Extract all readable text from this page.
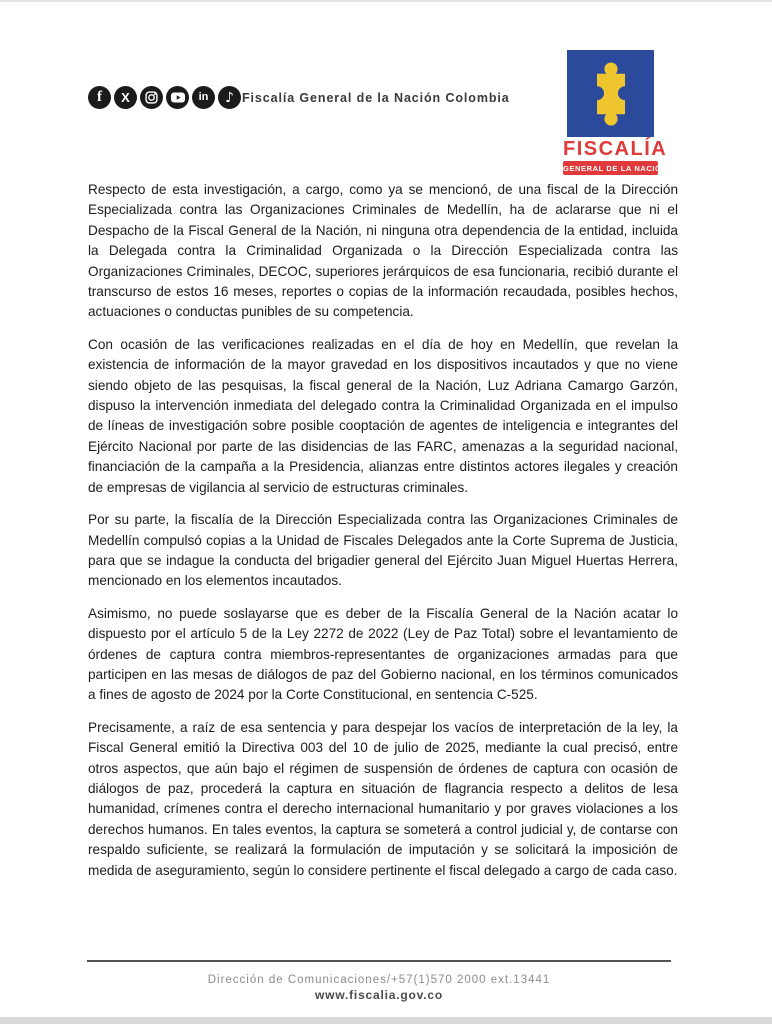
f X	in ♪ Fiscalía General de la Nación Colombia
FISCALÍA
GENERAL DE LA NACIÓN

Respecto de esta investigación, a cargo, como ya se mencionó, de una fiscal de la Dirección Especializada contra las Organizaciones Criminales de Medellín, ha de aclararse que ni el Despacho de la Fiscal General de la Nación, ni ninguna otra dependencia de la entidad, incluida la Delegada contra la Criminalidad Organizada o la Dirección Especializada contra las Organizaciones Criminales, DECOC, superiores jerárquicos de esa funcionaria, recibió durante el transcurso de estos 16 meses, reportes o copias de la información recaudada, posibles hechos, actuaciones o conductas punibles de su competencia.

Con ocasión de las verificaciones realizadas en el día de hoy en Medellín, que revelan la existencia de información de la mayor gravedad en los dispositivos incautados y que no viene siendo objeto de las pesquisas, la fiscal general de la Nación, Luz Adriana Camargo Garzón, dispuso la intervención inmediata del delegado contra la Criminalidad Organizada en el impulso de líneas de investigación sobre posible cooptación de agentes de inteligencia e integrantes del Ejército Nacional por parte de las disidencias de las FARC, amenazas a la seguridad nacional, financiación de la campaña a la Presidencia, alianzas entre distintos actores ilegales y creación de empresas de vigilancia al servicio de estructuras criminales.

Por su parte, la fiscalía de la Dirección Especializada contra las Organizaciones Criminales de Medellín compulsó copias a la Unidad de Fiscales Delegados ante la Corte Suprema de Justicia, para que se indague la conducta del brigadier general del Ejército Juan Miguel Huertas Herrera, mencionado en los elementos incautados.

Asimismo, no puede soslayarse que es deber de la Fiscalía General de la Nación acatar lo dispuesto por el artículo 5 de la Ley 2272 de 2022 (Ley de Paz Total) sobre el levantamiento de órdenes de captura contra miembros-representantes de organizaciones armadas para que participen en las mesas de diálogos de paz del Gobierno nacional, en los términos comunicados a fines de agosto de 2024 por la Corte Constitucional, en sentencia C-525.

Precisamente, a raíz de esa sentencia y para despejar los vacíos de interpretación de la ley, la Fiscal General emitió la Directiva 003 del 10 de julio de 2025, mediante la cual precisó, entre otros aspectos, que aún bajo el régimen de suspensión de órdenes de captura con ocasión de diálogos de paz, procederá la captura en situación de flagrancia respecto a delitos de lesa humanidad, crímenes contra el derecho internacional humanitario y por graves violaciones a los derechos humanos. En tales eventos, la captura se someterá a control judicial y, de contarse con respaldo suficiente, se realizará la formulación de imputación y se solicitará la imposición de medida de aseguramiento, según lo considere pertinente el fiscal delegado a cargo de cada caso.

Dirección de Comunicaciones/+57(1)570 2000 ext.13441
www.fiscalia.gov.co
